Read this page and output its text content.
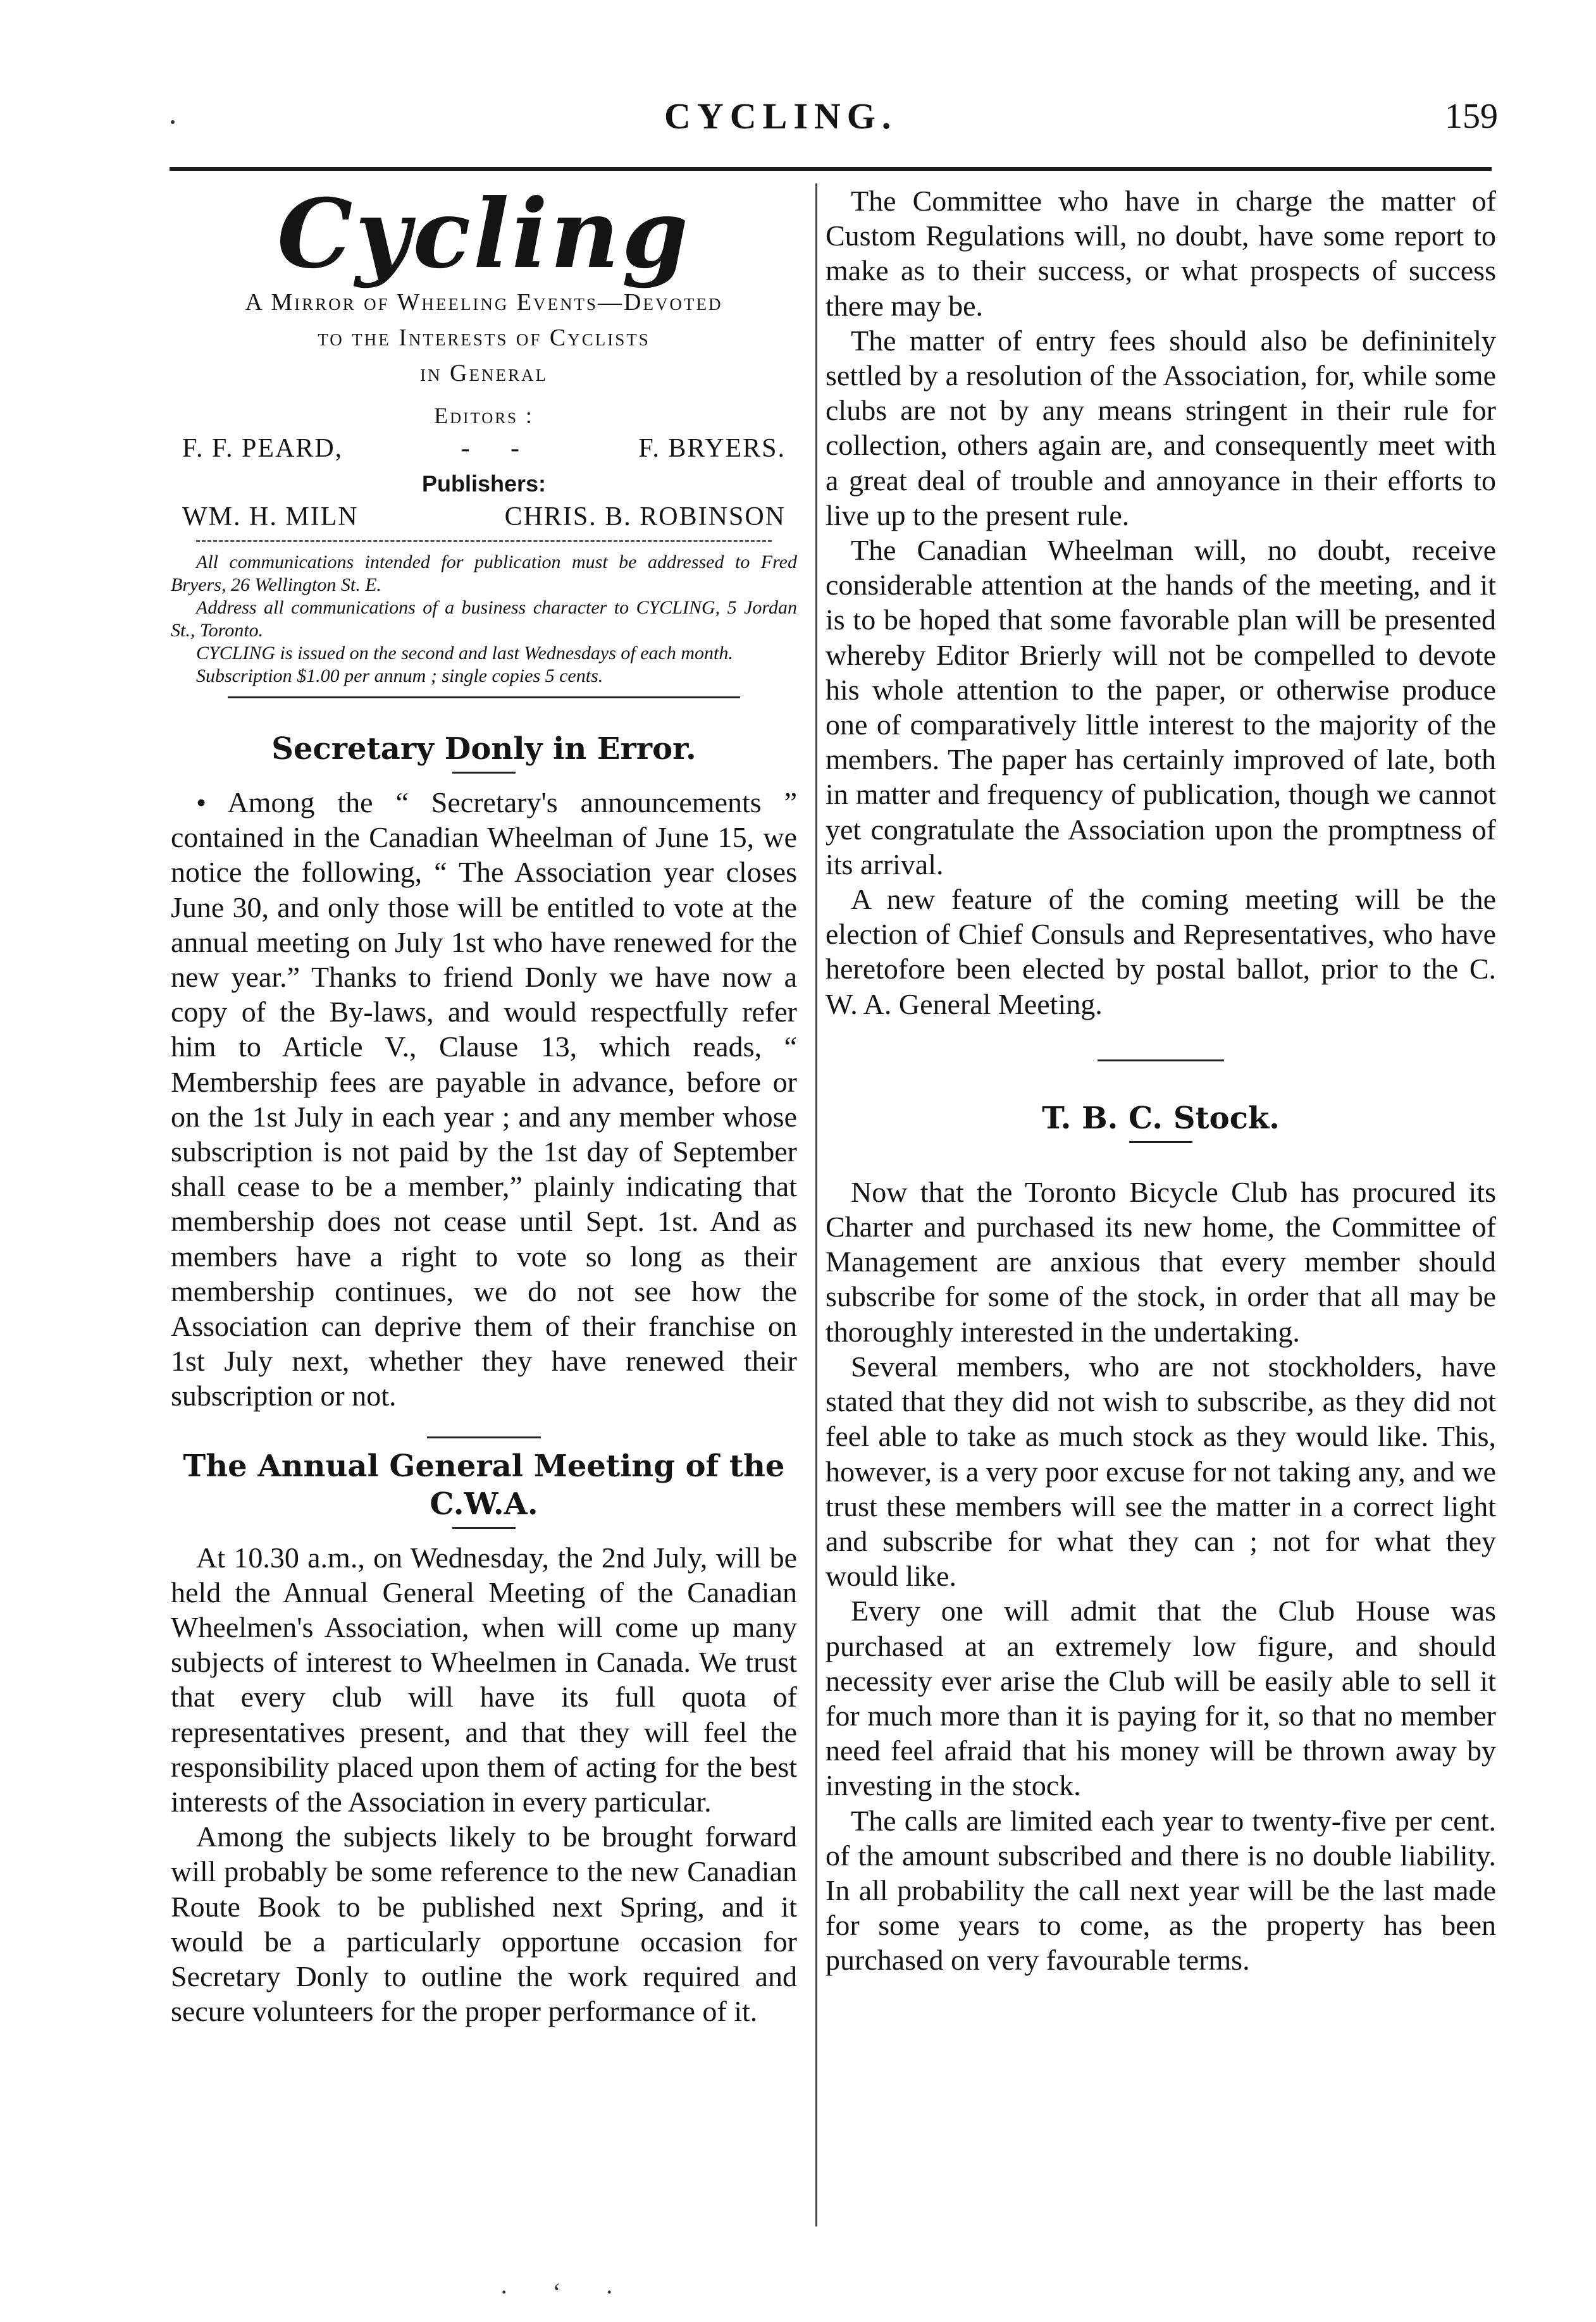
CYCLING.	159
Cycling
A Mirror of Wheeling Events—Devoted
to the Interests of Cyclists
in General
Editors :
F. F. PEARD,	-     -	F. BRYERS.
Publishers:
WM. H. MILN	CHRIS. B. ROBINSON

All communications intended for publication must be addressed to Fred Bryers, 26 Wellington St. E.

Address all communications of a business character to CYCLING, 5 Jordan St., Toronto.

CYCLING is issued on the second and last Wednesdays of each month.

Subscription $1.00 per annum ; single copies 5 cents.

Secretary Donly in Error.

• Among the “ Secretary's announcements ” contained in the Canadian Wheelman of June 15, we notice the following, “ The Association year closes June 30, and only those will be entitled to vote at the annual meeting on July 1st who have renewed for the new year.” Thanks to friend Donly we have now a copy of the By-laws, and would respectfully refer him to Article V., Clause 13, which reads, “ Membership fees are payable in advance, before or on the 1st July in each year ; and any member whose subscription is not paid by the 1st day of September shall cease to be a member,” plainly indicating that membership does not cease until Sept. 1st. And as members have a right to vote so long as their membership continues, we do not see how the Association can deprive them of their franchise on 1st July next, whether they have renewed their subscription or not.

The Annual General Meeting of the C.W.A.

At 10.30 a.m., on Wednesday, the 2nd July, will be held the Annual General Meeting of the Canadian Wheelmen's Association, when will come up many subjects of interest to Wheelmen in Canada. We trust that every club will have its full quota of representatives present, and that they will feel the responsibility placed upon them of acting for the best interests of the Association in every particular.

Among the subjects likely to be brought forward will probably be some reference to the new Canadian Route Book to be published next Spring, and it would be a particularly opportune occasion for Secretary Donly to outline the work required and secure volunteers for the proper performance of it.

The Committee who have in charge the matter of Custom Regulations will, no doubt, have some report to make as to their success, or what prospects of success there may be.

The matter of entry fees should also be defininitely settled by a resolution of the Association, for, while some clubs are not by any means stringent in their rule for collection, others again are, and consequently meet with a great deal of trouble and annoyance in their efforts to live up to the present rule.

The Canadian Wheelman will, no doubt, receive considerable attention at the hands of the meeting, and it is to be hoped that some favorable plan will be presented whereby Editor Brierly will not be compelled to devote his whole attention to the paper, or otherwise produce one of comparatively little interest to the majority of the members. The paper has certainly improved of late, both in matter and frequency of publication, though we cannot yet congratulate the Association upon the promptness of its arrival.

A new feature of the coming meeting will be the election of Chief Consuls and Representatives, who have heretofore been elected by postal ballot, prior to the C. W. A. General Meeting.

T. B. C. Stock.

Now that the Toronto Bicycle Club has procured its Charter and purchased its new home, the Committee of Management are anxious that every member should subscribe for some of the stock, in order that all may be thoroughly interested in the undertaking.

Several members, who are not stockholders, have stated that they did not wish to subscribe, as they did not feel able to take as much stock as they would like. This, however, is a very poor excuse for not taking any, and we trust these members will see the matter in a correct light and subscribe for what they can ; not for what they would like.

Every one will admit that the Club House was purchased at an extremely low figure, and should necessity ever arise the Club will be easily able to sell it for much more than it is paying for it, so that no member need feel afraid that his money will be thrown away by investing in the stock.

The calls are limited each year to twenty-five per cent. of the amount subscribed and there is no double liability. In all probability the call next year will be the last made for some years to come, as the property has been purchased on very favourable terms.

· ‘ ·
